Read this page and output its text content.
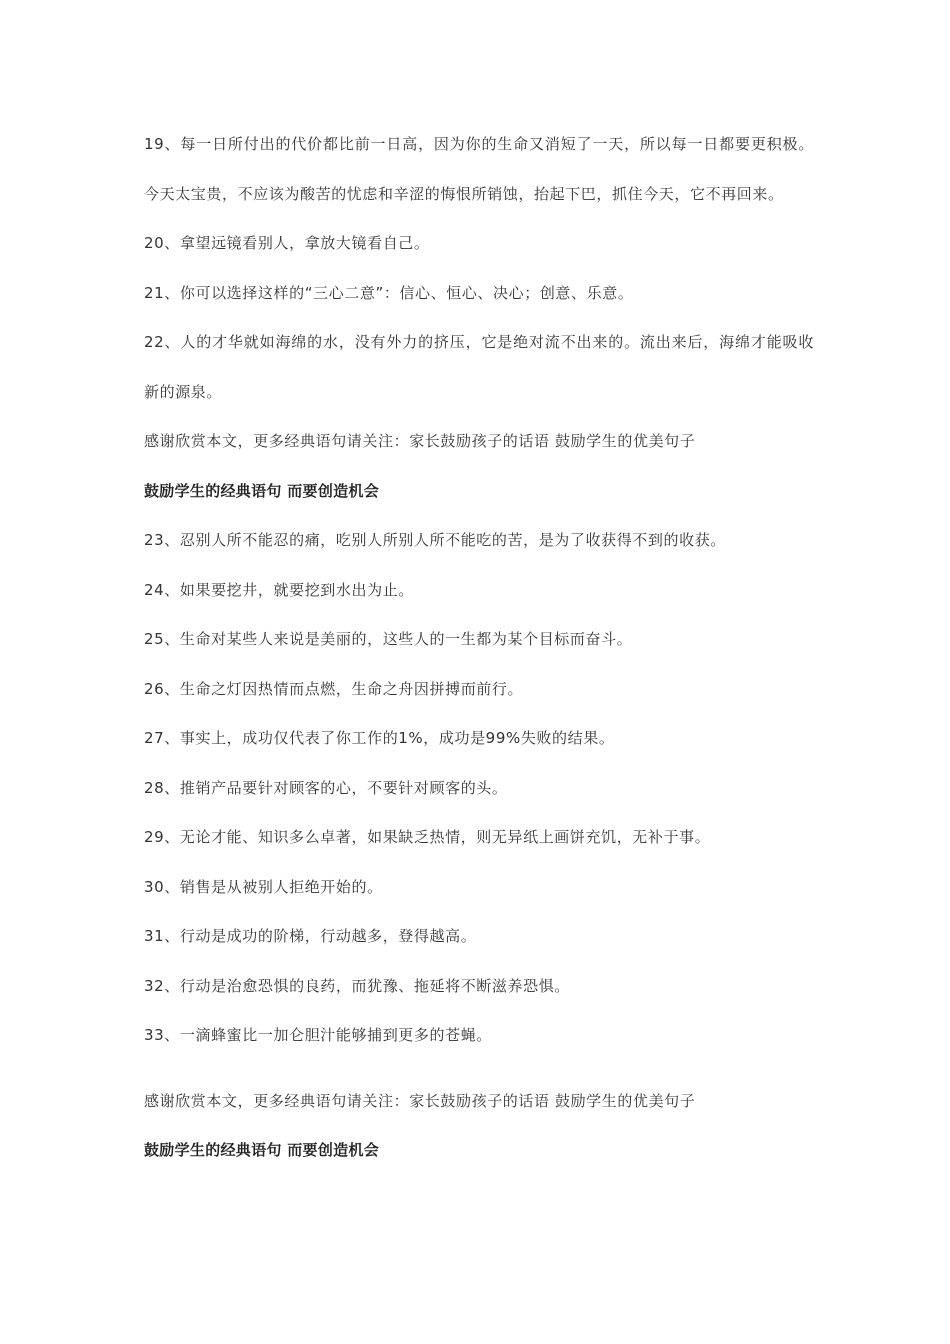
19、每一日所付出的代价都比前一日高，因为你的生命又消短了一天，所以每一日都要更积极。今天太宝贵，不应该为酸苦的忧虑和辛涩的悔恨所销蚀，抬起下巴，抓住今天，它不再回来。

20、拿望远镜看别人，拿放大镜看自己。

21、你可以选择这样的“三心二意”：信心、恒心、决心；创意、乐意。

22、人的才华就如海绵的水，没有外力的挤压，它是绝对流不出来的。流出来后，海绵才能吸收新的源泉。

感谢欣赏本文，更多经典语句请关注：家长鼓励孩子的话语 鼓励学生的优美句子

鼓励学生的经典语句 而要创造机会

23、忍别人所不能忍的痛，吃别人所别人所不能吃的苦，是为了收获得不到的收获。

24、如果要挖井，就要挖到水出为止。

25、生命对某些人来说是美丽的，这些人的一生都为某个目标而奋斗。

26、生命之灯因热情而点燃，生命之舟因拼搏而前行。

27、事实上，成功仅代表了你工作的1%，成功是99%失败的结果。

28、推销产品要针对顾客的心，不要针对顾客的头。

29、无论才能、知识多么卓著，如果缺乏热情，则无异纸上画饼充饥，无补于事。

30、销售是从被别人拒绝开始的。

31、行动是成功的阶梯，行动越多，登得越高。

32、行动是治愈恐惧的良药，而犹豫、拖延将不断滋养恐惧。

33、一滴蜂蜜比一加仑胆汁能够捕到更多的苍蝇。

感谢欣赏本文，更多经典语句请关注：家长鼓励孩子的话语 鼓励学生的优美句子

鼓励学生的经典语句 而要创造机会
